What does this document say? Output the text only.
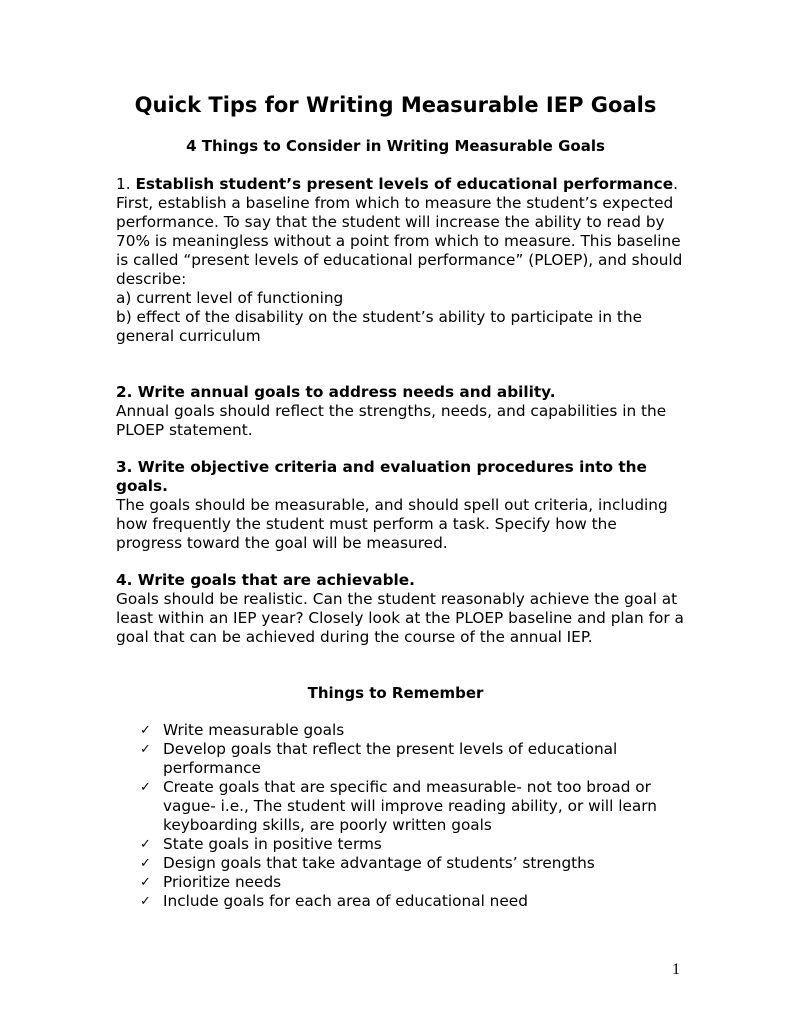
Quick Tips for Writing Measurable IEP Goals
4 Things to Consider in Writing Measurable Goals

1. Establish student’s present levels of educational performance.

First, establish a baseline from which to measure the student’s expected performance. To say that the student will increase the ability to read by 70% is meaningless without a point from which to measure. This baseline is called “present levels of educational performance” (PLOEP), and should describe:

a) current level of functioning

b) effect of the disability on the student’s ability to participate in the general curriculum

2. Write annual goals to address needs and ability.

Annual goals should reflect the strengths, needs, and capabilities in the PLOEP statement.

3. Write objective criteria and evaluation procedures into the goals.

The goals should be measurable, and should spell out criteria, including how frequently the student must perform a task. Specify how the progress toward the goal will be measured.

4. Write goals that are achievable.

Goals should be realistic. Can the student reasonably achieve the goal at least within an IEP year? Closely look at the PLOEP baseline and plan for a goal that can be achieved during the course of the annual IEP.

Things to Remember
✓ Write measurable goals
✓ Develop goals that reflect the present levels of educational performance
✓ Create goals that are specific and measurable- not too broad or vague- i.e., The student will improve reading ability, or will learn keyboarding skills, are poorly written goals
✓ State goals in positive terms
✓ Design goals that take advantage of students’ strengths
✓ Prioritize needs
✓ Include goals for each area of educational need
1
